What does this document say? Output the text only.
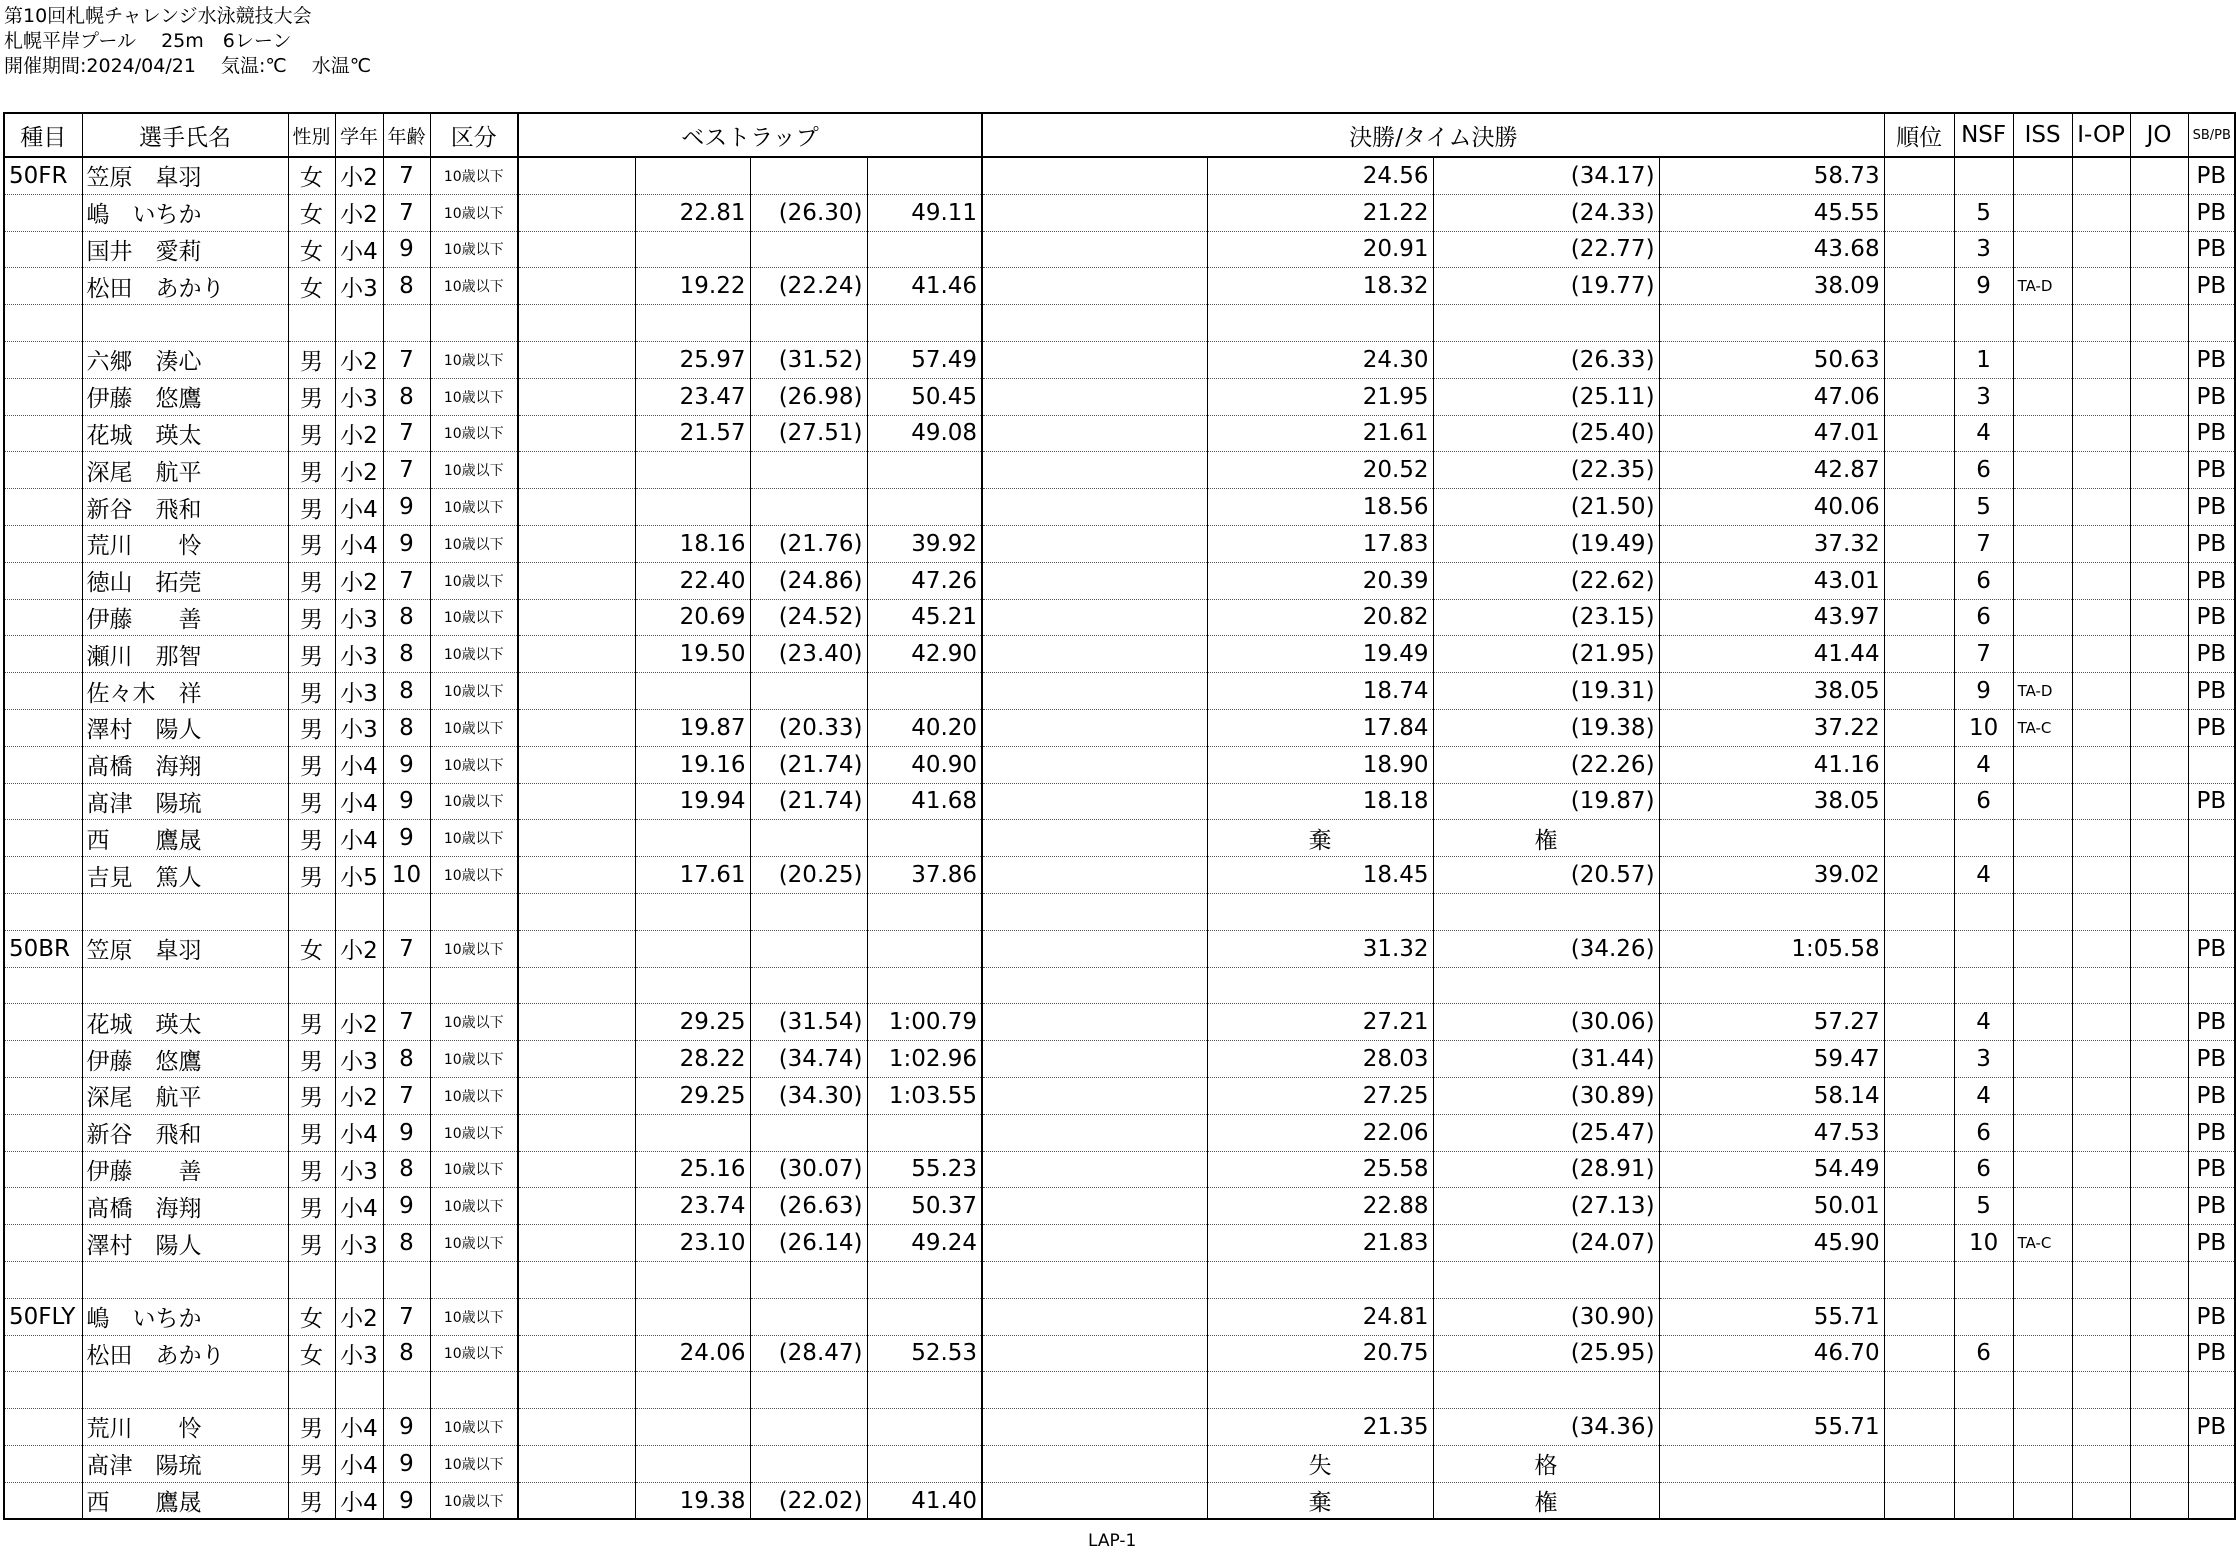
第10回札幌チャレンジ水泳競技大会
札幌平岸プール　 25m　6レーン
開催期間:2024/04/21　 気温:℃　 水温℃
種目	選手氏名	性別	学年	年齢	区分	ベストラップ				決勝/タイム決勝				順位	NSF	ISS	I-OP	JO	SB/PB
50FR	笠原　皐羽	女	小2	7	10歳以下						24.56	(34.17)	58.73						PB
	嶋　いちか	女	小2	7	10歳以下		22.81	(26.30)	49.11		21.22	(24.33)	45.55		5				PB
	国井　愛莉	女	小4	9	10歳以下						20.91	(22.77)	43.68		3				PB
	松田　あかり	女	小3	8	10歳以下		19.22	(22.24)	41.46		18.32	(19.77)	38.09		9	TA-D			PB

	六郷　湊心	男	小2	7	10歳以下		25.97	(31.52)	57.49		24.30	(26.33)	50.63		1				PB
	伊藤　悠鷹	男	小3	8	10歳以下		23.47	(26.98)	50.45		21.95	(25.11)	47.06		3				PB
	花城　瑛太	男	小2	7	10歳以下		21.57	(27.51)	49.08		21.61	(25.40)	47.01		4				PB
	深尾　航平	男	小2	7	10歳以下						20.52	(22.35)	42.87		6				PB
	新谷　飛和	男	小4	9	10歳以下						18.56	(21.50)	40.06		5				PB
	荒川　　怜	男	小4	9	10歳以下		18.16	(21.76)	39.92		17.83	(19.49)	37.32		7				PB
	徳山　拓莞	男	小2	7	10歳以下		22.40	(24.86)	47.26		20.39	(22.62)	43.01		6				PB
	伊藤　　善	男	小3	8	10歳以下		20.69	(24.52)	45.21		20.82	(23.15)	43.97		6				PB
	瀬川　那智	男	小3	8	10歳以下		19.50	(23.40)	42.90		19.49	(21.95)	41.44		7				PB
	佐々木　祥	男	小3	8	10歳以下						18.74	(19.31)	38.05		9	TA-D			PB
	澤村　陽人	男	小3	8	10歳以下		19.87	(20.33)	40.20		17.84	(19.38)	37.22		10	TA-C			PB
	髙橋　海翔	男	小4	9	10歳以下		19.16	(21.74)	40.90		18.90	(22.26)	41.16		4				
	髙津　陽琉	男	小4	9	10歳以下		19.94	(21.74)	41.68		18.18	(19.87)	38.05		6				PB
	西　　鷹晟	男	小4	9	10歳以下						棄	権							
	吉見　篤人	男	小5	10	10歳以下		17.61	(20.25)	37.86		18.45	(20.57)	39.02		4				

50BR	笠原　皐羽	女	小2	7	10歳以下						31.32	(34.26)	1:05.58						PB

	花城　瑛太	男	小2	7	10歳以下		29.25	(31.54)	1:00.79		27.21	(30.06)	57.27		4				PB
	伊藤　悠鷹	男	小3	8	10歳以下		28.22	(34.74)	1:02.96		28.03	(31.44)	59.47		3				PB
	深尾　航平	男	小2	7	10歳以下		29.25	(34.30)	1:03.55		27.25	(30.89)	58.14		4				PB
	新谷　飛和	男	小4	9	10歳以下						22.06	(25.47)	47.53		6				PB
	伊藤　　善	男	小3	8	10歳以下		25.16	(30.07)	55.23		25.58	(28.91)	54.49		6				PB
	髙橋　海翔	男	小4	9	10歳以下		23.74	(26.63)	50.37		22.88	(27.13)	50.01		5				PB
	澤村　陽人	男	小3	8	10歳以下		23.10	(26.14)	49.24		21.83	(24.07)	45.90		10	TA-C			PB

50FLY	嶋　いちか	女	小2	7	10歳以下						24.81	(30.90)	55.71						PB
	松田　あかり	女	小3	8	10歳以下		24.06	(28.47)	52.53		20.75	(25.95)	46.70		6				PB

	荒川　　怜	男	小4	9	10歳以下						21.35	(34.36)	55.71						PB
	髙津　陽琉	男	小4	9	10歳以下						失	格							
	西　　鷹晟	男	小4	9	10歳以下		19.38	(22.02)	41.40		棄	権							
LAP-1
